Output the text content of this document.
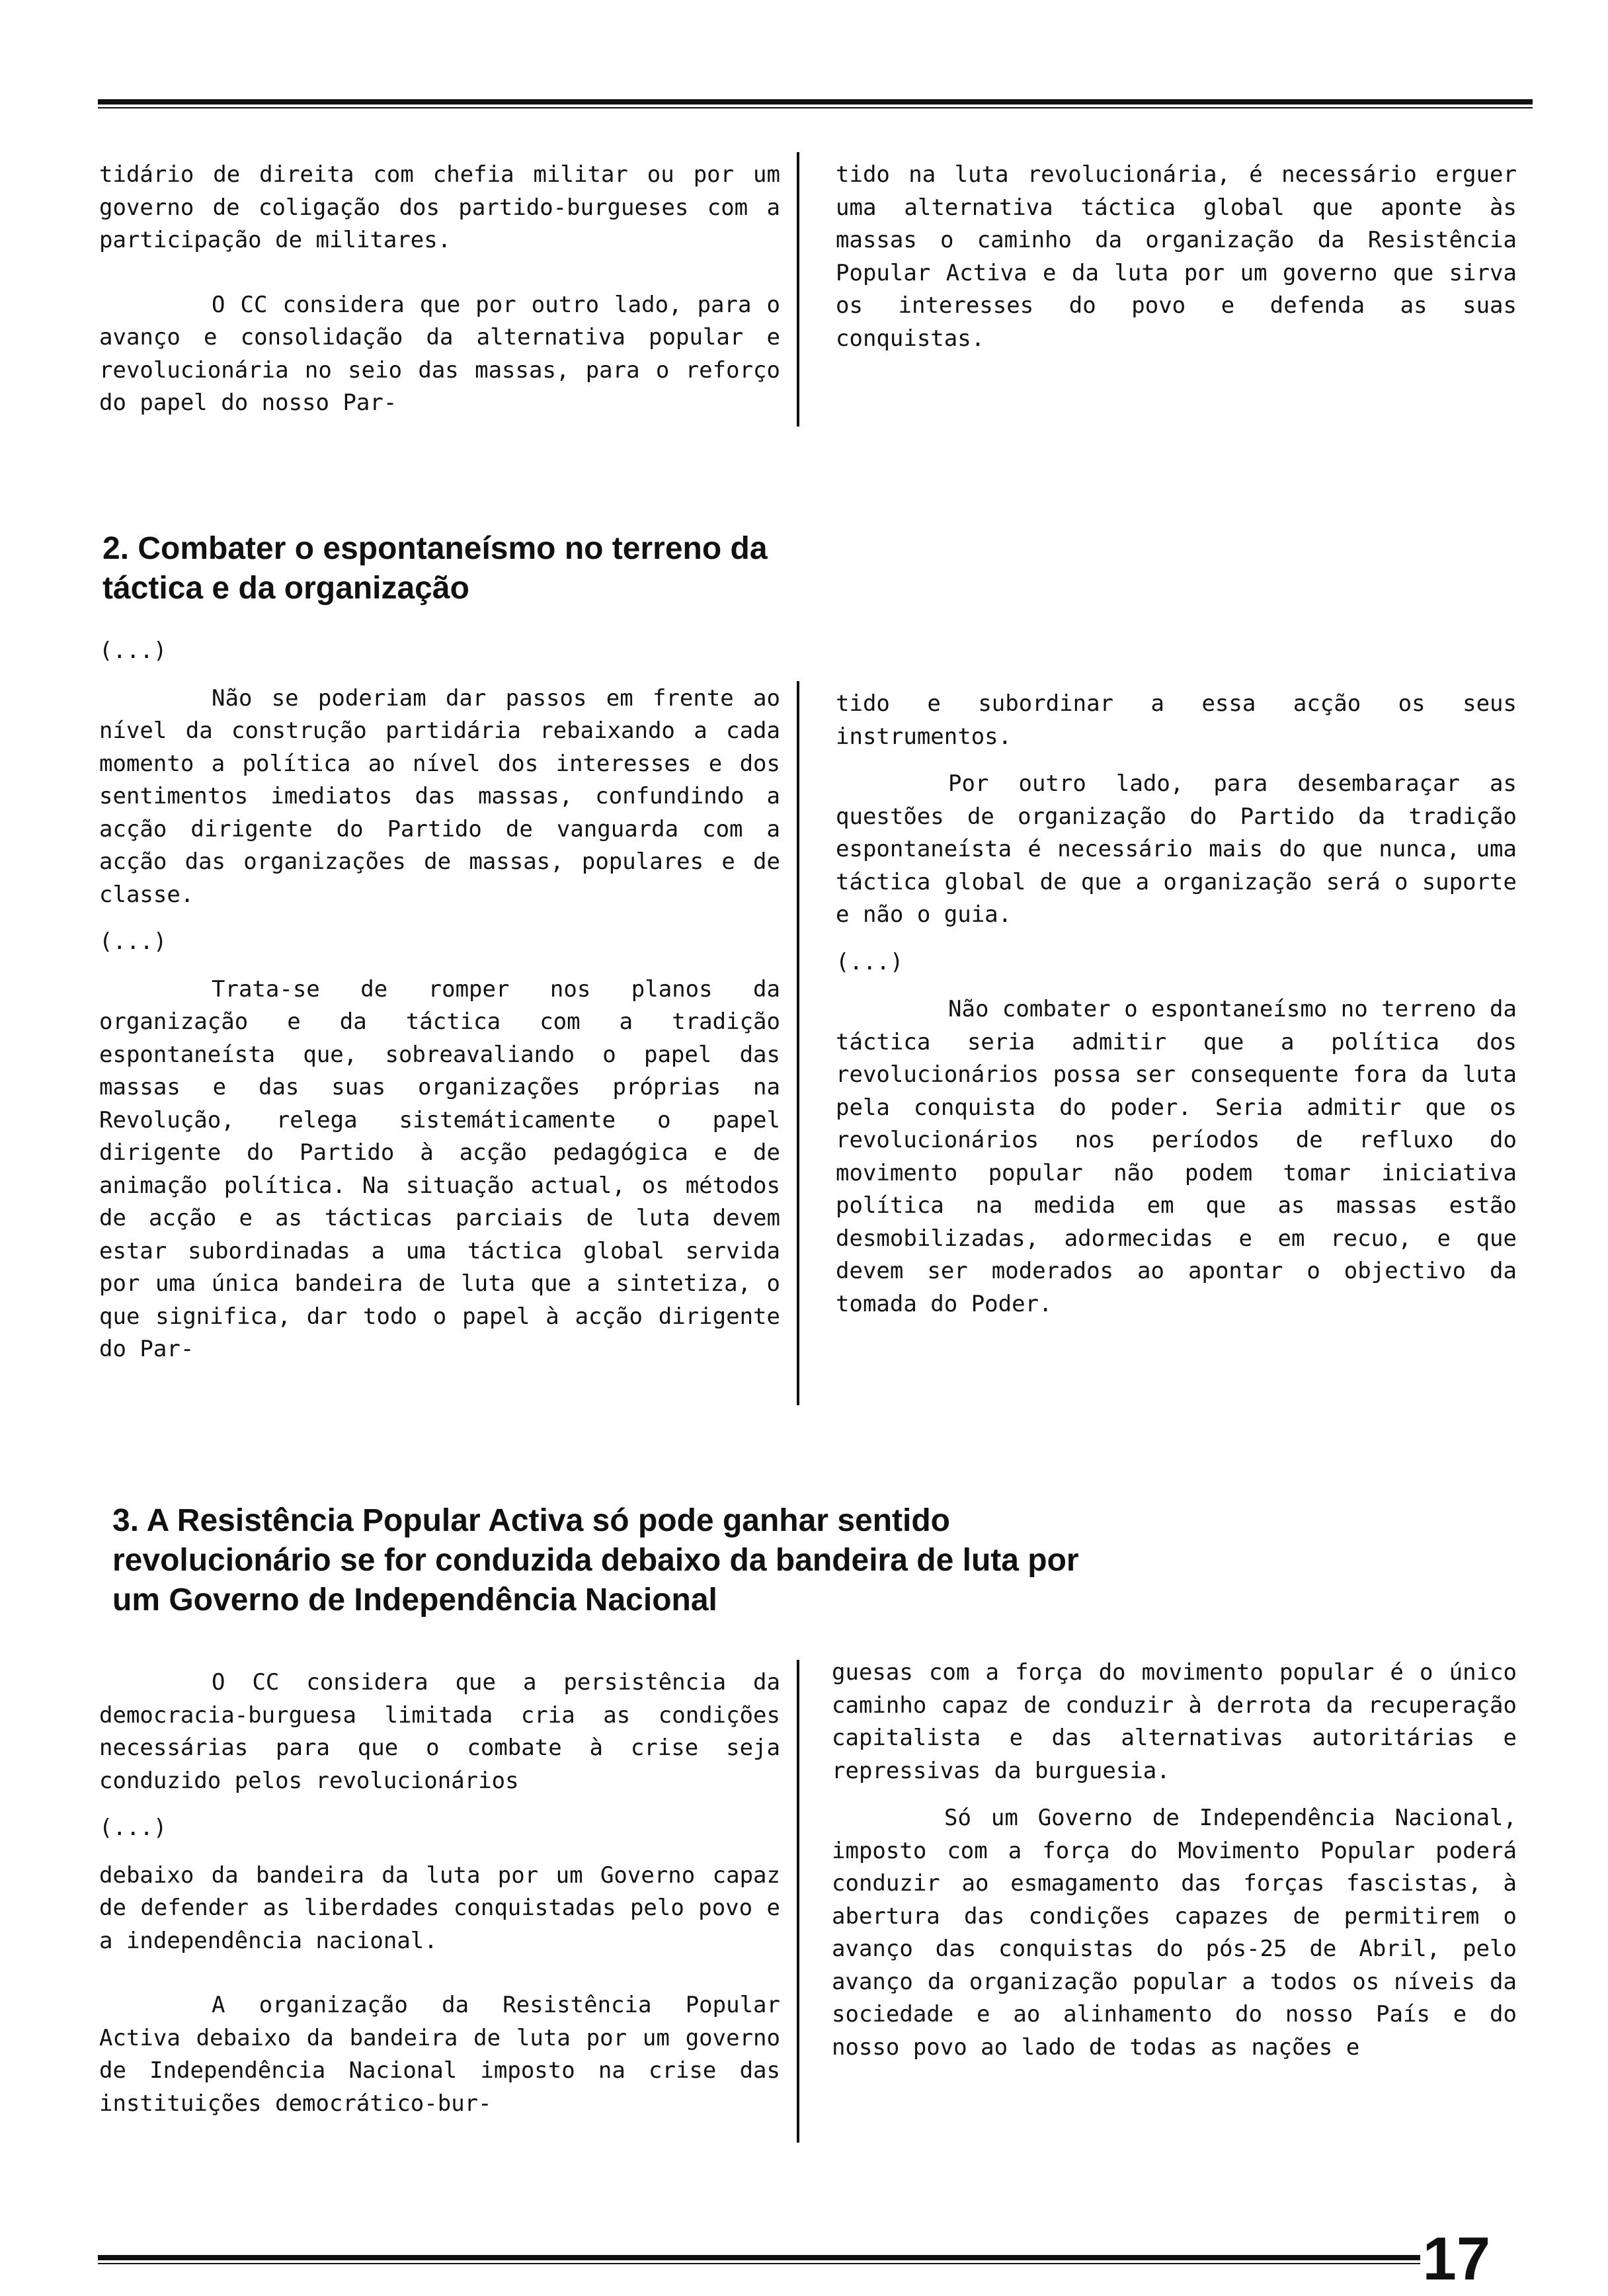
tidário de direita com chefia militar ou por um governo de coligação dos partido-burgueses com a participação de militares.

O CC considera que por outro lado, para o avanço e consolidação da alternativa popular e revolucionária no seio das massas, para o reforço do papel do nosso Par-

tido na luta revolucionária, é necessário erguer uma alternativa táctica global que aponte às massas o caminho da organização da Resistência Popular Activa e da luta por um governo que sirva os interesses do povo e defenda as suas conquistas.

2. Combater o espontaneísmo no terreno da táctica e da organização

(...)

Não se poderiam dar passos em frente ao nível da construção partidária rebaixando a cada momento a política ao nível dos interesses e dos sentimentos imediatos das massas, confundindo a acção dirigente do Partido de vanguarda com a acção das organizações de massas, populares e de classe.

(...)

Trata-se de romper nos planos da organização e da táctica com a tradição espontaneísta que, sobreavaliando o papel das massas e das suas organizações próprias na Revolução, relega sistemáticamente o papel dirigente do Partido à acção pedagógica e de animação política. Na situação actual, os métodos de acção e as tácticas parciais de luta devem estar subordinadas a uma táctica global servida por uma única bandeira de luta que a sintetiza, o que significa, dar todo o papel à acção dirigente do Par-

tido e subordinar a essa acção os seus instrumentos.

Por outro lado, para desembaraçar as questões de organização do Partido da tradição espontaneísta é necessário mais do que nunca, uma táctica global de que a organização será o suporte e não o guia.

(...)

Não combater o espontaneísmo no terreno da táctica seria admitir que a política dos revolucionários possa ser consequente fora da luta pela conquista do poder. Seria admitir que os revolucionários nos períodos de refluxo do movimento popular não podem tomar iniciativa política na medida em que as massas estão desmobilizadas, adormecidas e em recuo, e que devem ser moderados ao apontar o objectivo da tomada do Poder.

3. A Resistência Popular Activa só pode ganhar sentido revolucionário se for conduzida debaixo da bandeira de luta por um Governo de Independência Nacional

O CC considera que a persistência da democracia-burguesa limitada cria as condições necessárias para que o combate à crise seja conduzido pelos revolucionários

(...)

debaixo da bandeira da luta por um Governo capaz de defender as liberdades conquistadas pelo povo e a independência nacional.

A organização da Resistência Popular Activa debaixo da bandeira de luta por um governo de Independência Nacional imposto na crise das instituições democrático-bur-

guesas com a força do movimento popular é o único caminho capaz de conduzir à derrota da recuperação capitalista e das alternativas autoritárias e repressivas da burguesia.

Só um Governo de Independência Nacional, imposto com a força do Movimento Popular poderá conduzir ao esmagamento das forças fascistas, à abertura das condições capazes de permitirem o avanço das conquistas do pós-25 de Abril, pelo avanço da organização popular a todos os níveis da sociedade e ao alinhamento do nosso País e do nosso povo ao lado de todas as nações e

17
